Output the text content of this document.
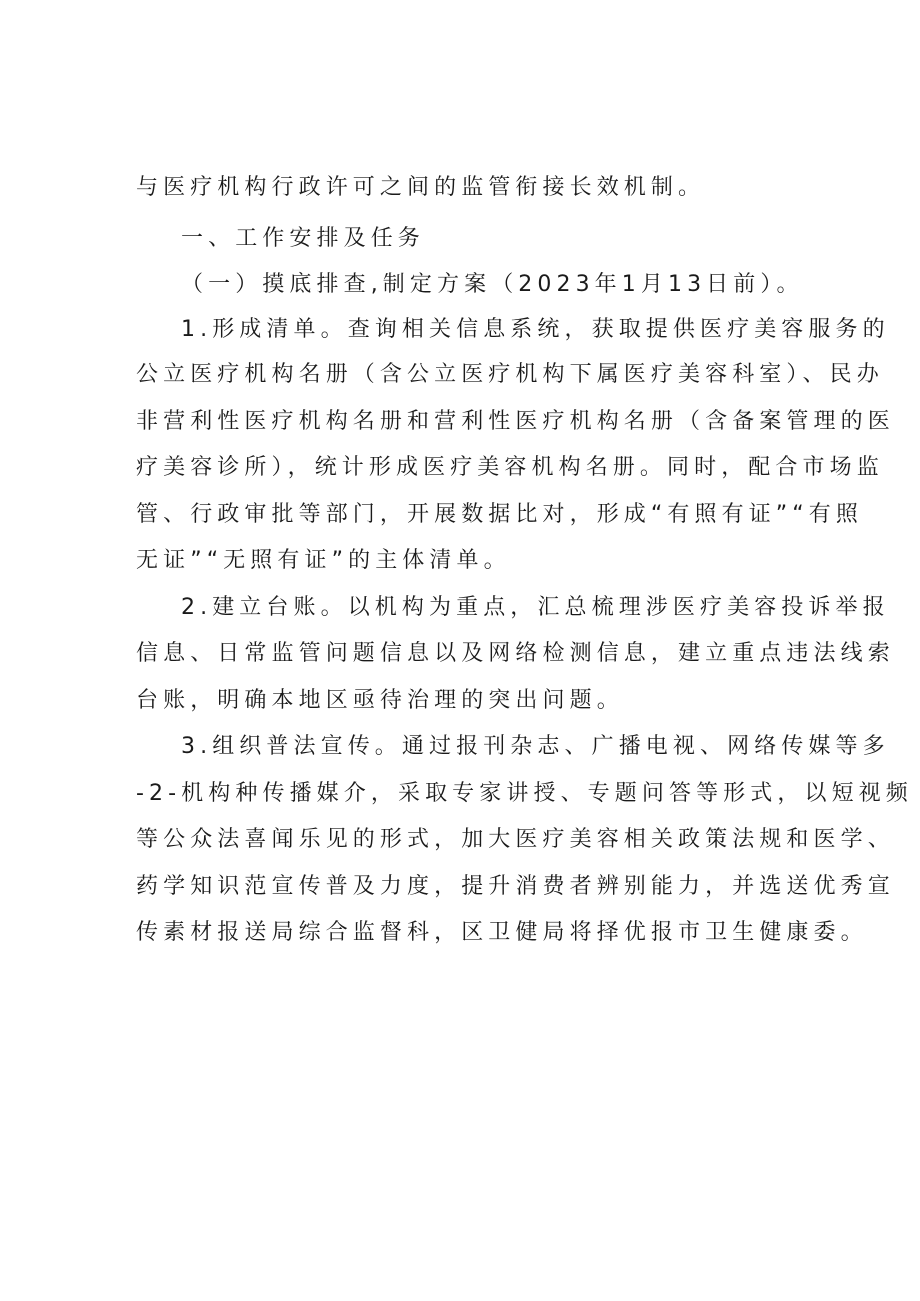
与医疗机构行政许可之间的监管衔接长效机制。
一、工作安排及任务
（一）摸底排查,制定方案（2023年1月13日前）。
1.形成清单。查询相关信息系统，获取提供医疗美容服务的
公立医疗机构名册（含公立医疗机构下属医疗美容科室）、民办
非营利性医疗机构名册和营利性医疗机构名册（含备案管理的医
疗美容诊所），统计形成医疗美容机构名册。同时，配合市场监
管、行政审批等部门，开展数据比对，形成“有照有证”“有照
无证”“无照有证”的主体清单。
2.建立台账。以机构为重点，汇总梳理涉医疗美容投诉举报
信息、日常监管问题信息以及网络检测信息，建立重点违法线索
台账，明确本地区亟待治理的突出问题。
3.组织普法宣传。通过报刊杂志、广播电视、网络传媒等多
-2-机构种传播媒介，采取专家讲授、专题问答等形式，以短视频
等公众法喜闻乐见的形式，加大医疗美容相关政策法规和医学、
药学知识范宣传普及力度，提升消费者辨别能力，并选送优秀宣
传素材报送局综合监督科，区卫健局将择优报市卫生健康委。
